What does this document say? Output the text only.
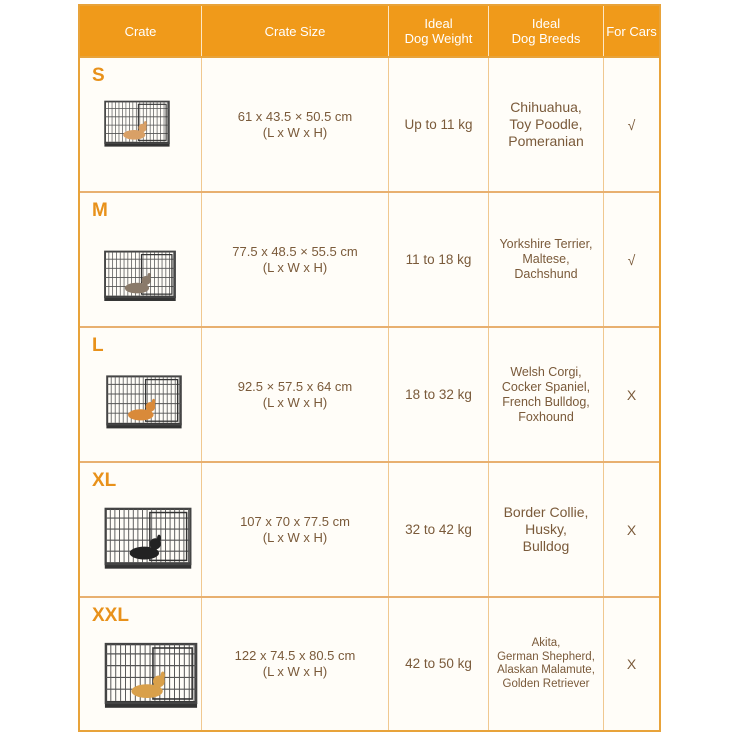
Crate	Crate Size	Ideal
Dog Weight
Ideal
Dog Breeds For Cars
S
61 x 43.5 × 50.5 cm
(L x W x H)
Up to 11 kg
Chihuahua,
Toy Poodle,
Pomeranian
√
M
77.5 x 48.5 × 55.5 cm
(L x W x H)
11 to 18 kg
Yorkshire Terrier,
Maltese,
Dachshund
√
L
92.5 × 57.5 x 64 cm
(L x W x H)
18 to 32 kg
Welsh Corgi,
Cocker Spaniel,
French Bulldog,
Foxhound
X
XL
107 x 70 x 77.5 cm
(L x W x H)
32 to 42 kg
Border Collie,
Husky,
Bulldog
X
XXL
122 x 74.5 x 80.5 cm
(L x W x H)
42 to 50 kg
Akita,
German Shepherd,
Alaskan Malamute,
Golden Retriever
X
